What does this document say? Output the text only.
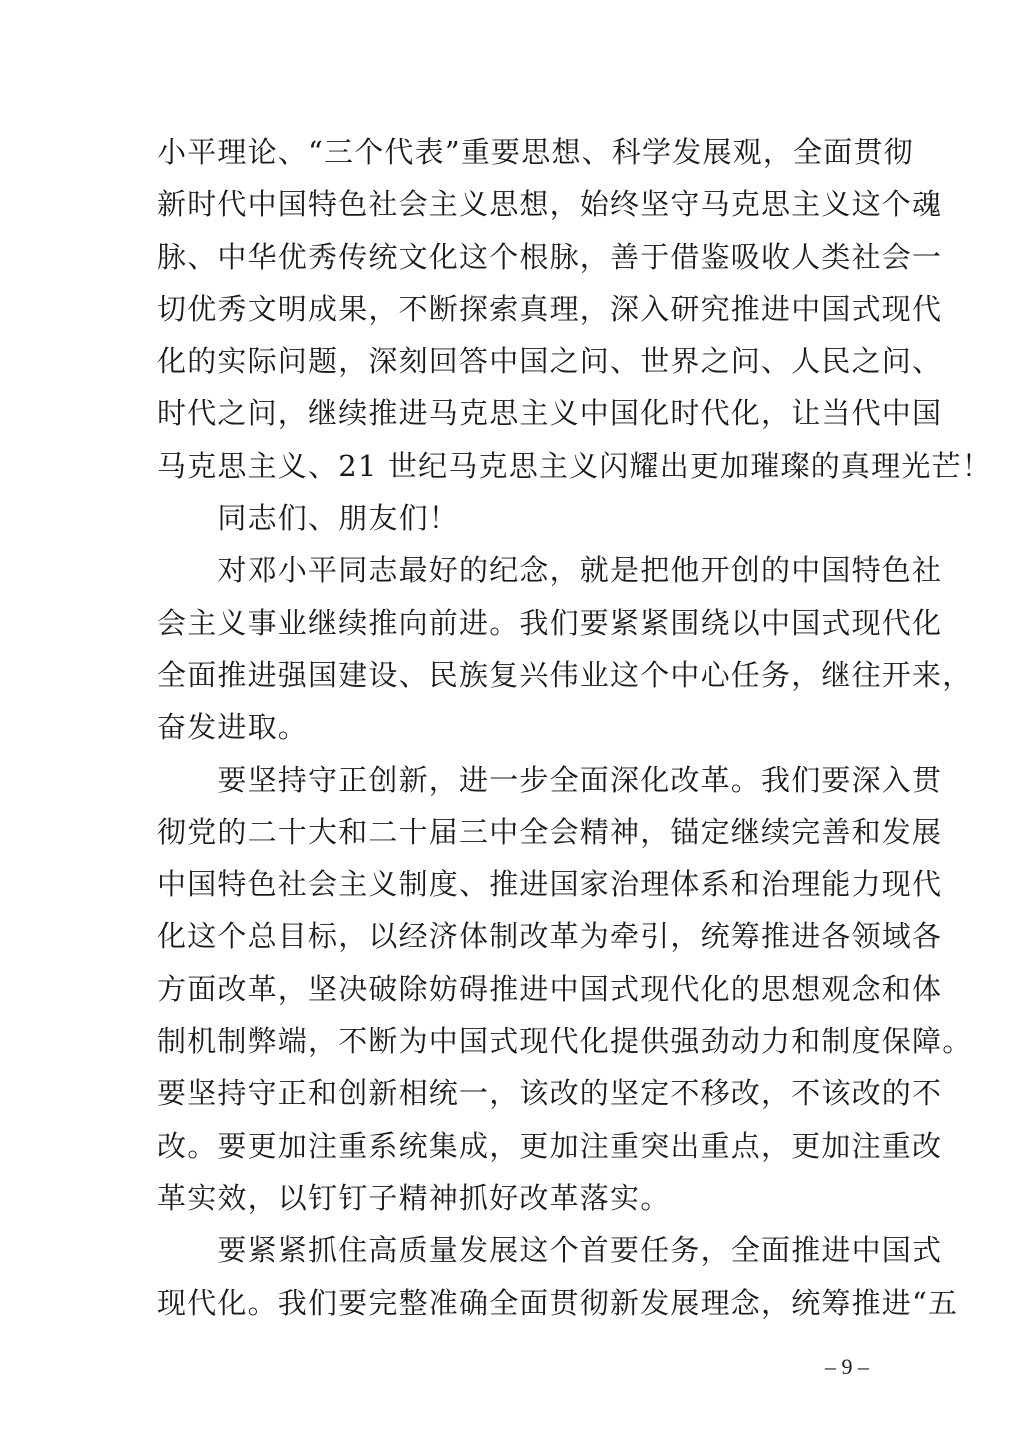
小平理论、“三个代表”重要思想、科学发展观，全面贯彻
新时代中国特色社会主义思想，始终坚守马克思主义这个魂
脉、中华优秀传统文化这个根脉，善于借鉴吸收人类社会一
切优秀文明成果，不断探索真理，深入研究推进中国式现代
化的实际问题，深刻回答中国之问、世界之问、人民之问、
时代之问，继续推进马克思主义中国化时代化，让当代中国
马克思主义、21 世纪马克思主义闪耀出更加璀璨的真理光芒！
　　同志们、朋友们！
　　对邓小平同志最好的纪念，就是把他开创的中国特色社
会主义事业继续推向前进。我们要紧紧围绕以中国式现代化
全面推进强国建设、民族复兴伟业这个中心任务，继往开来，
奋发进取。
　　要坚持守正创新，进一步全面深化改革。我们要深入贯
彻党的二十大和二十届三中全会精神，锚定继续完善和发展
中国特色社会主义制度、推进国家治理体系和治理能力现代
化这个总目标，以经济体制改革为牵引，统筹推进各领域各
方面改革，坚决破除妨碍推进中国式现代化的思想观念和体
制机制弊端，不断为中国式现代化提供强劲动力和制度保障。
要坚持守正和创新相统一，该改的坚定不移改，不该改的不
改。要更加注重系统集成，更加注重突出重点，更加注重改
革实效，以钉钉子精神抓好改革落实。
　　要紧紧抓住高质量发展这个首要任务，全面推进中国式
现代化。我们要完整准确全面贯彻新发展理念，统筹推进“五
– 9 –
